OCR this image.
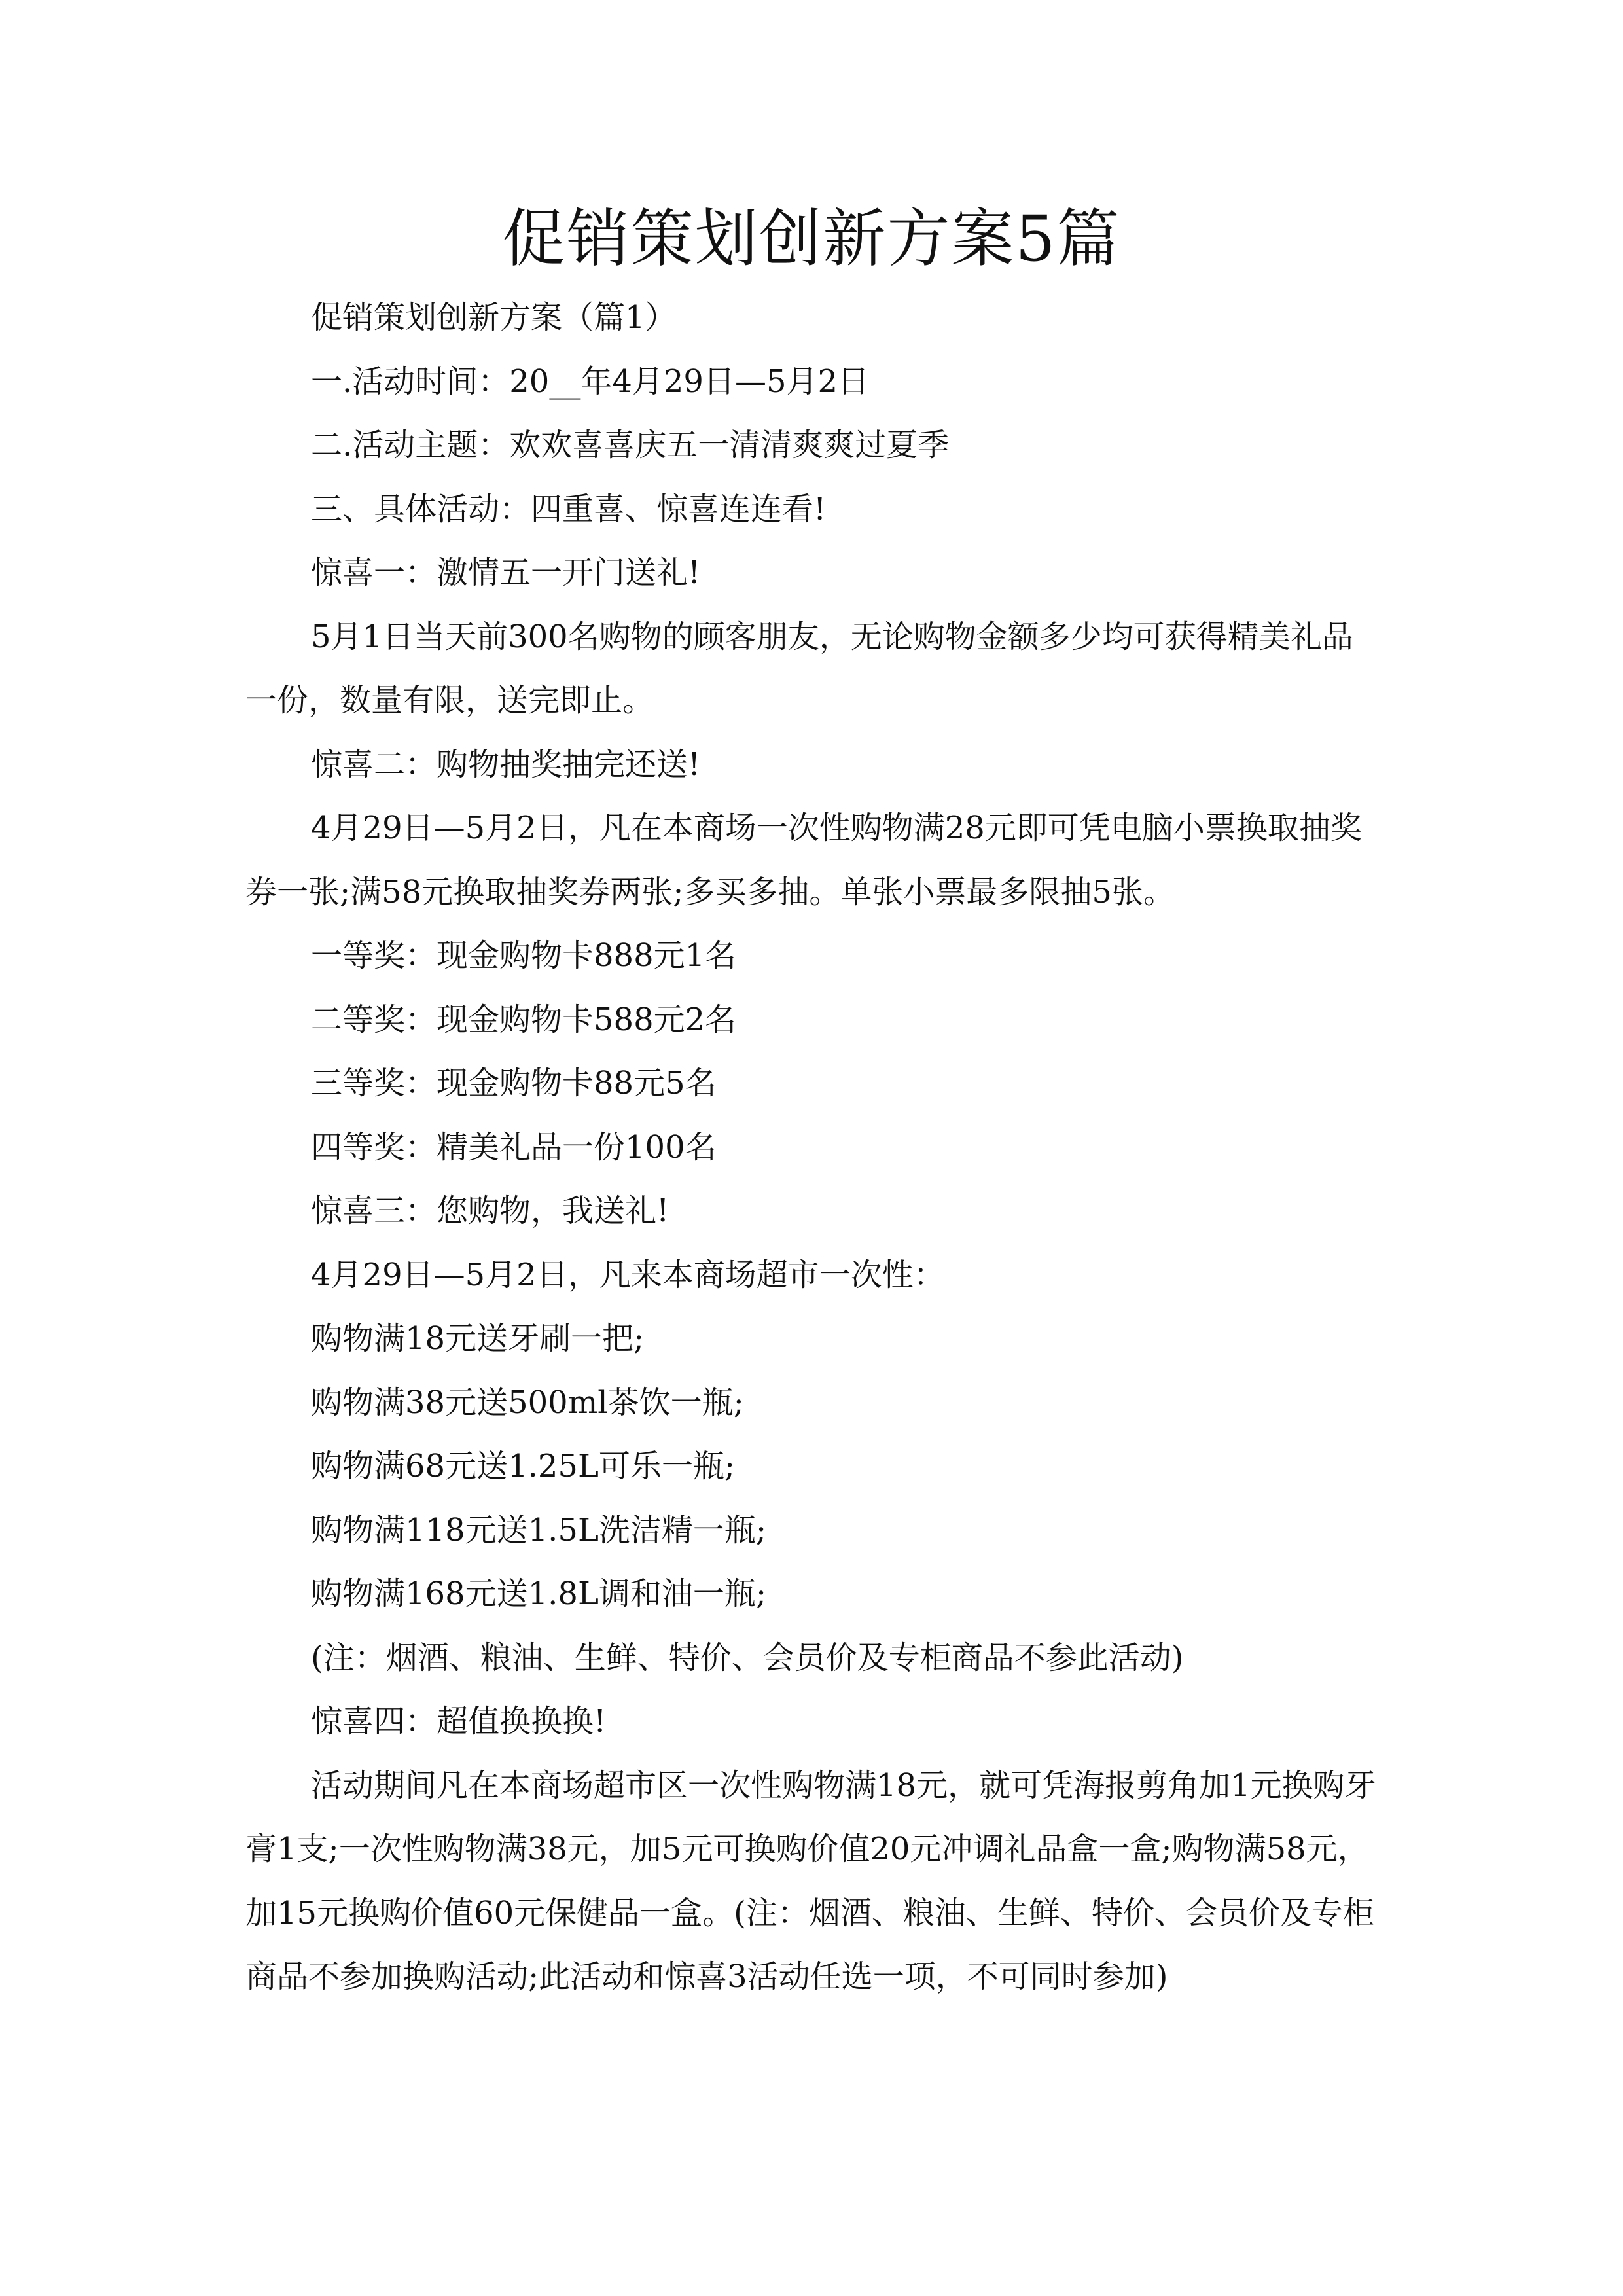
促销策划创新方案5篇

促销策划创新方案（篇1）

一.活动时间：20__年4月29日—5月2日

二.活动主题：欢欢喜喜庆五一清清爽爽过夏季

三、具体活动：四重喜、惊喜连连看!

惊喜一：激情五一开门送礼!

5月1日当天前300名购物的顾客朋友，无论购物金额多少均可获得精美礼品一份，数量有限，送完即止。

惊喜二：购物抽奖抽完还送!

4月29日—5月2日，凡在本商场一次性购物满28元即可凭电脑小票换取抽奖券一张;满58元换取抽奖券两张;多买多抽。单张小票最多限抽5张。

一等奖：现金购物卡888元1名

二等奖：现金购物卡588元2名

三等奖：现金购物卡88元5名

四等奖：精美礼品一份100名

惊喜三：您购物，我送礼!

4月29日—5月2日，凡来本商场超市一次性：

购物满18元送牙刷一把;

购物满38元送500ml茶饮一瓶;

购物满68元送1.25L可乐一瓶;

购物满118元送1.5L洗洁精一瓶;

购物满168元送1.8L调和油一瓶;

(注：烟酒、粮油、生鲜、特价、会员价及专柜商品不参此活动)

惊喜四：超值换换换!

活动期间凡在本商场超市区一次性购物满18元，就可凭海报剪角加1元换购牙膏1支;一次性购物满38元，加5元可换购价值20元冲调礼品盒一盒;购物满58元，加15元换购价值60元保健品一盒。(注：烟酒、粮油、生鲜、特价、会员价及专柜商品不参加换购活动;此活动和惊喜3活动任选一项，不可同时参加)
